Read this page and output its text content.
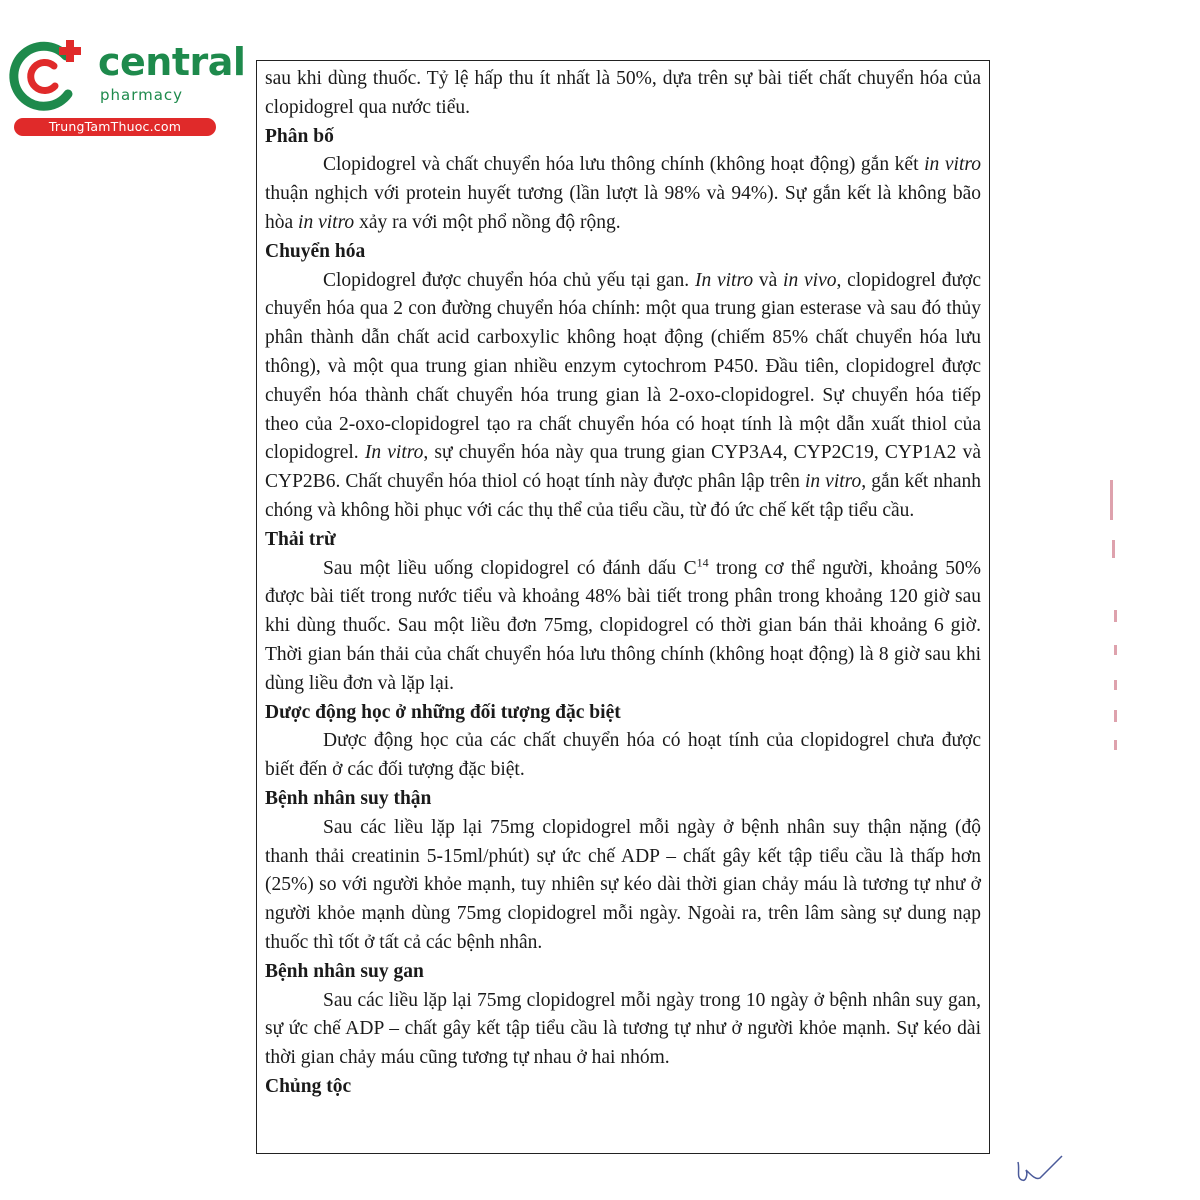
central
pharmacy
TrungTamThuoc.com

sau khi dùng thuốc. Tỷ lệ hấp thu ít nhất là 50%, dựa trên sự bài tiết chất chuyển hóa của clopidogrel qua nước tiểu.

Phân bố

Clopidogrel và chất chuyển hóa lưu thông chính (không hoạt động) gắn kết in vitro thuận nghịch với protein huyết tương (lần lượt là 98% và 94%). Sự gắn kết là không bão hòa in vitro xảy ra với một phổ nồng độ rộng.

Chuyển hóa

Clopidogrel được chuyển hóa chủ yếu tại gan. In vitro và in vivo, clopidogrel được chuyển hóa qua 2 con đường chuyển hóa chính: một qua trung gian esterase và sau đó thủy phân thành dẫn chất acid carboxylic không hoạt động (chiếm 85% chất chuyển hóa lưu thông), và một qua trung gian nhiều enzym cytochrom P450. Đầu tiên, clopidogrel được chuyển hóa thành chất chuyển hóa trung gian là 2-oxo-clopidogrel. Sự chuyển hóa tiếp theo của 2-oxo-clopidogrel tạo ra chất chuyển hóa có hoạt tính là một dẫn xuất thiol của clopidogrel. In vitro, sự chuyển hóa này qua trung gian CYP3A4, CYP2C19, CYP1A2 và CYP2B6. Chất chuyển hóa thiol có hoạt tính này được phân lập trên in vitro, gắn kết nhanh chóng và không hồi phục với các thụ thể của tiểu cầu, từ đó ức chế kết tập tiểu cầu.

Thải trừ

Sau một liều uống clopidogrel có đánh dấu $C^{14}$ trong cơ thể người, khoảng 50% được bài tiết trong nước tiểu và khoảng 48% bài tiết trong phân trong khoảng 120 giờ sau khi dùng thuốc. Sau một liều đơn 75mg, clopidogrel có thời gian bán thải khoảng 6 giờ. Thời gian bán thải của chất chuyển hóa lưu thông chính (không hoạt động) là 8 giờ sau khi dùng liều đơn và lặp lại.

Dược động học ở những đối tượng đặc biệt

Dược động học của các chất chuyển hóa có hoạt tính của clopidogrel chưa được biết đến ở các đối tượng đặc biệt.

Bệnh nhân suy thận

Sau các liều lặp lại 75mg clopidogrel mỗi ngày ở bệnh nhân suy thận nặng (độ thanh thải creatinin 5-15ml/phút) sự ức chế ADP – chất gây kết tập tiểu cầu là thấp hơn (25%) so với người khỏe mạnh, tuy nhiên sự kéo dài thời gian chảy máu là tương tự như ở người khỏe mạnh dùng 75mg clopidogrel mỗi ngày. Ngoài ra, trên lâm sàng sự dung nạp thuốc thì tốt ở tất cả các bệnh nhân.

Bệnh nhân suy gan

Sau các liều lặp lại 75mg clopidogrel mỗi ngày trong 10 ngày ở bệnh nhân suy gan, sự ức chế ADP – chất gây kết tập tiểu cầu là tương tự như ở người khỏe mạnh. Sự kéo dài thời gian chảy máu cũng tương tự nhau ở hai nhóm.

Chủng tộc
